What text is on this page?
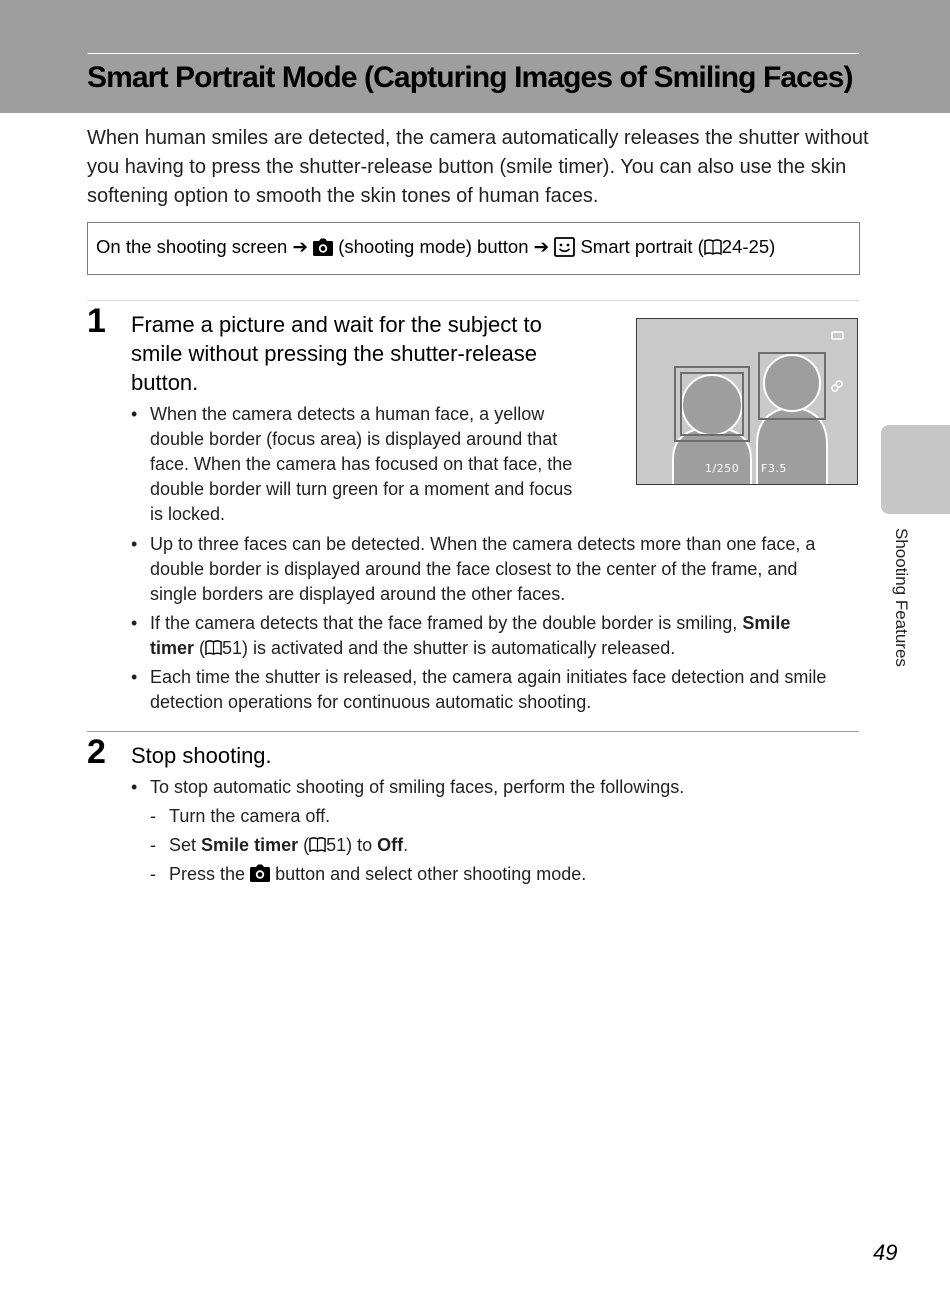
Smart Portrait Mode (Capturing Images of Smiling Faces)

When human smiles are detected, the camera automatically releases the shutter without you having to press the shutter-release button (smile timer). You can also use the skin softening option to smooth the skin tones of human faces.

On the shooting screen ➔ (shooting mode) button ➔ Smart portrait ( 24-25)
1 Frame a picture and wait for the subject to
smile without pressing the shutter-release
button.
1/250 F3.5
• When the camera detects a human face, a yellow
double border (focus area) is displayed around that
face. When the camera has focused on that face, the
double border will turn green for a moment and focus
is locked.
• Up to three faces can be detected. When the camera detects more than one face, a
double border is displayed around the face closest to the center of the frame, and
single borders are displayed around the other faces.
• If the camera detects that the face framed by the double border is smiling, Smile
timer ( 51) is activated and the shutter is automatically released.
• Each time the shutter is released, the camera again initiates face detection and smile
detection operations for continuous automatic shooting.
2 Stop shooting.
• To stop automatic shooting of smiling faces, perform the followings.
- Turn the camera off.
- Set Smile timer ( 51) to Off.
- Press the button and select other shooting mode.
Shooting Features
49
